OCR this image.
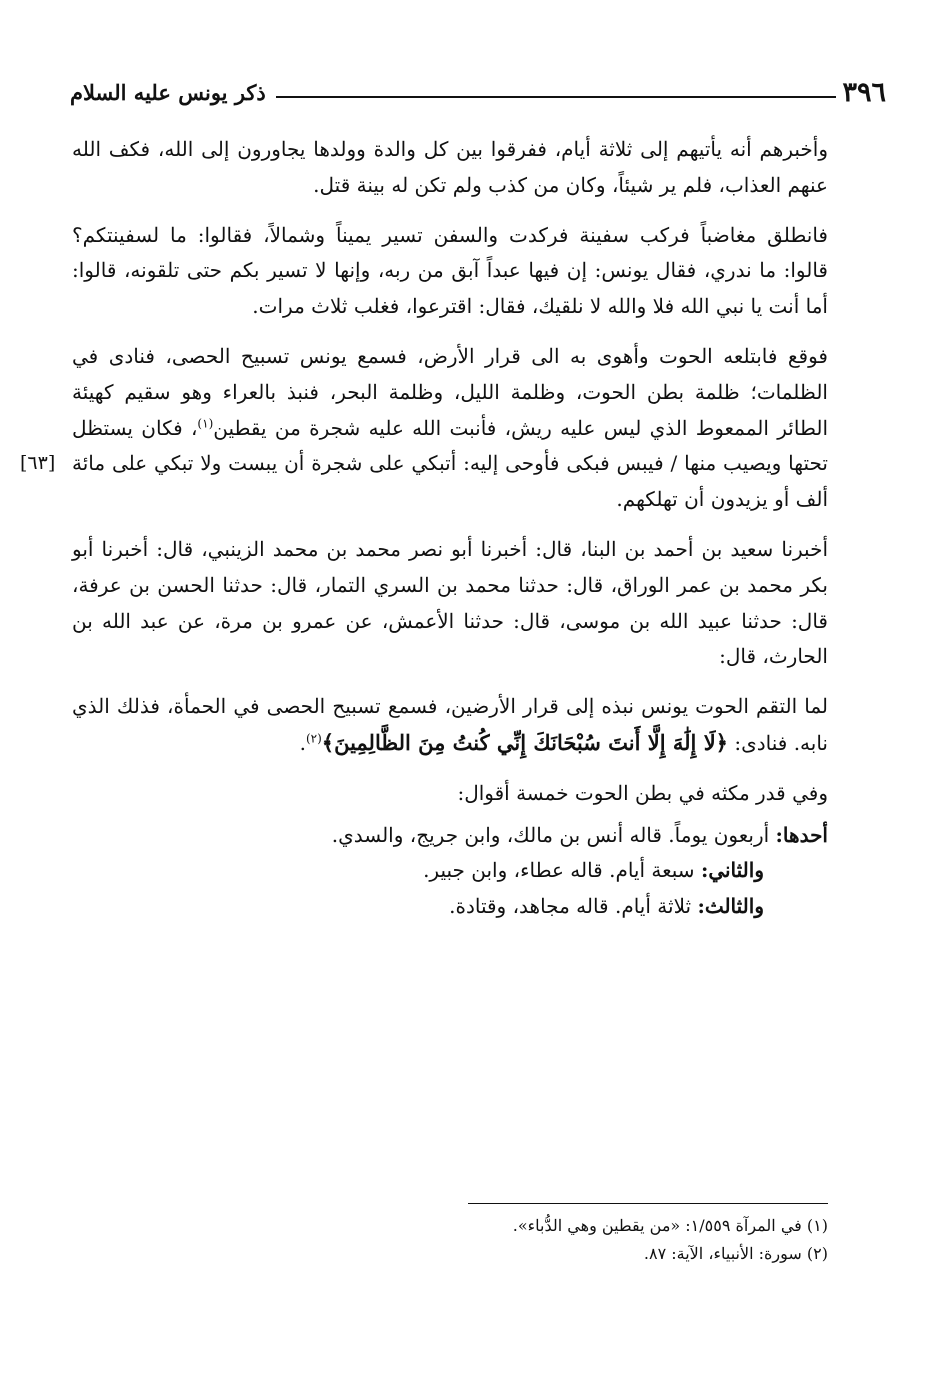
٣٩٦
ذكر يونس عليه السلام

وأخبرهم أنه يأتيهم إلى ثلاثة أيام، ففرقوا بين كل والدة وولدها يجاورون إلى الله، فكف الله عنهم العذاب، فلم ير شيئاً، وكان من كذب ولم تكن له بينة قتل.

فانطلق مغاضباً فركب سفينة فركدت والسفن تسير يميناً وشمالاً، فقالوا: ما لسفينتكم؟ قالوا: ما ندري، فقال يونس: إن فيها عبداً آبق من ربه، وإنها لا تسير بكم حتى تلقونه، قالوا: أما أنت يا نبي الله فلا والله لا نلقيك، فقال: اقترعوا، فغلب ثلاث مرات.

فوقع فابتلعه الحوت وأهوى به الى قرار الأرض، فسمع يونس تسبيح الحصى، فنادى في الظلمات؛ ظلمة بطن الحوت، وظلمة الليل، وظلمة البحر، فنبذ بالعراء وهو سقيم كهيئة الطائر الممعوط الذي ليس عليه ريش، فأنبت الله عليه شجرة من يقطين$^{(١)}$، فكان يستظل تحتها ويصيب منها / فيبس فبكى فأوحى إليه: أتبكي على شجرة أن يبست ولا تبكي على مائة ألف أو يزيدون أن تهلكهم.
[٦٣]

أخبرنا سعيد بن أحمد بن البنا، قال: أخبرنا أبو نصر محمد بن محمد الزينبي، قال: أخبرنا أبو بكر محمد بن عمر الوراق، قال: حدثنا محمد بن السري التمار، قال: حدثنا الحسن بن عرفة، قال: حدثنا عبيد الله بن موسى، قال: حدثنا الأعمش، عن عمرو بن مرة، عن عبد الله بن الحارث، قال:

لما التقم الحوت يونس نبذه إلى قرار الأرضين، فسمع تسبيح الحصى في الحمأة، فذلك الذي نابه. فنادى: ﴿لَا إِلَٰهَ إِلَّا أَنتَ سُبْحَانَكَ إِنِّي كُنتُ مِنَ الظَّالِمِينَ﴾$^{(٢)}$.

وفي قدر مكثه في بطن الحوت خمسة أقوال:

أحدها: أربعون يوماً. قاله أنس بن مالك، وابن جريج، والسدي.

والثاني: سبعة أيام. قاله عطاء، وابن جبير.

والثالث: ثلاثة أيام. قاله مجاهد، وقتادة.

(١) في المرآة ١/٥٥٩: «من يقطين وهي الدُّباء».

(٢) سورة: الأنبياء، الآية: ٨٧.
